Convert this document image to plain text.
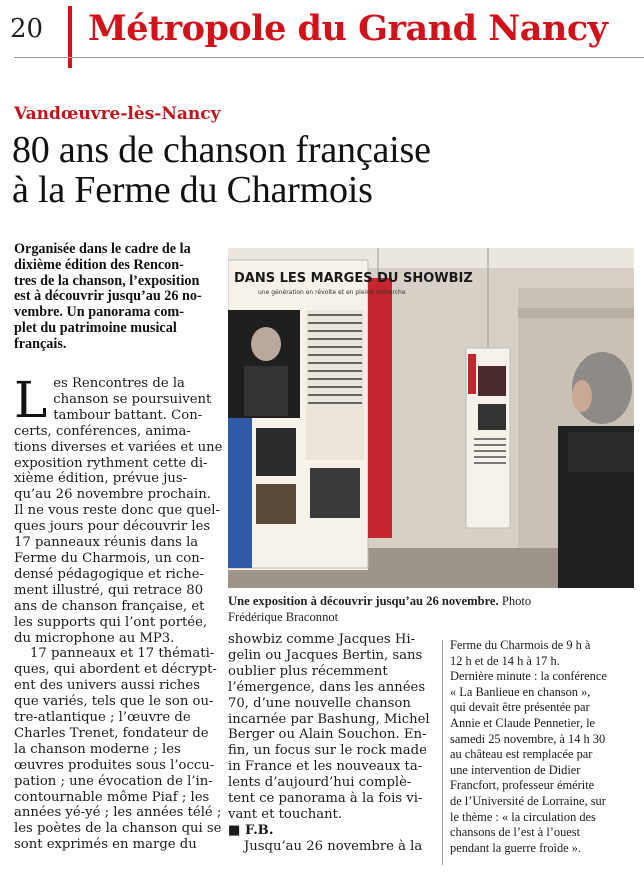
20 Métropole du Grand Nancy
Vandœuvre-lès-Nancy
80 ans de chanson française
à la Ferme du Charmois
Organisée dans le cadre de la
dixième édition des Rencon-
tres de la chanson, l’exposition
est à découvrir jusqu’au 26 no-
vembre. Un panorama com-
plet du patrimoine musical
français.
L es Rencontres de la
chanson se poursuivent
tambour battant. Con-
certs, conférences, anima-
tions diverses et variées et une
exposition rythment cette di-
xième édition, prévue jus-
qu’au 26 novembre prochain.
Il ne vous reste donc que quel-
ques jours pour découvrir les
17 panneaux réunis dans la
Ferme du Charmois, un con-
densé pédagogique et riche-
ment illustré, qui retrace 80
ans de chanson française, et
les supports qui l’ont portée,
du microphone au MP3.
17 panneaux et 17 thémati-
ques, qui abordent et décrypt-
ent des univers aussi riches
que variés, tels que le son ou-
tre-atlantique ; l’œuvre de
Charles Trenet, fondateur de
la chanson moderne ; les
œuvres produites sous l’occu-
pation ; une évocation de l’in-
contournable môme Piaf ; les
années yé-yé ; les années télé ;
les poètes de la chanson qui se
sont exprimés en marge du
DANS LES MARGES DU SHOWBIZ
une génération en révolte et en pleine recherche
Une exposition à découvrir jusqu’au 26 novembre. Photo
Frédérique Braconnot
showbiz comme Jacques Hi-
gelin ou Jacques Bertin, sans
oublier plus récemment
l’émergence, dans les années
70, d’une nouvelle chanson
incarnée par Bashung, Michel
Berger ou Alain Souchon. En-
fin, un focus sur le rock made
in France et les nouveaux ta-
lents d’aujourd’hui complè-
tent ce panorama à la fois vi-
vant et touchant.
■ F.B.
Jusqu’au 26 novembre à la
Ferme du Charmois de 9 h à
12 h et de 14 h à 17 h.
Dernière minute : la conférence
« La Banlieue en chanson »,
qui devait être présentée par
Annie et Claude Pennetier, le
samedi 25 novembre, à 14 h 30
au château est remplacée par
une intervention de Didier
Francfort, professeur émérite
de l’Université de Lorraine, sur
le thème : « la circulation des
chansons de l’est à l’ouest
pendant la guerre froide ».
